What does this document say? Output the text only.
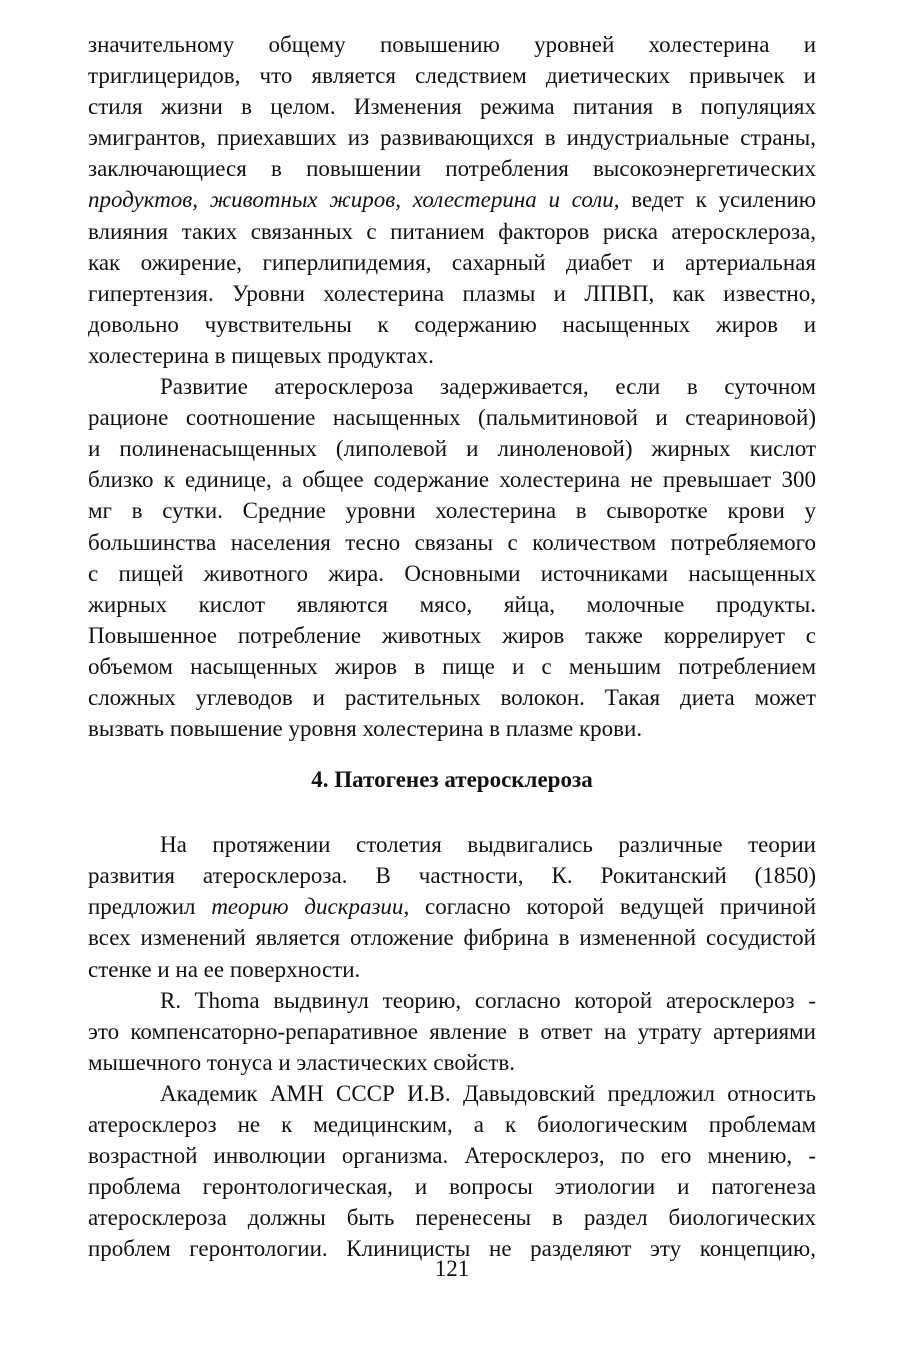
значительному общему повышению уровней холестерина и
триглицеридов, что является следствием диетических привычек и
стиля жизни в целом. Изменения режима питания в популяциях
эмигрантов, приехавших из развивающихся в индустриальные страны,
заключающиеся в повышении потребления высокоэнергетических
продуктов, животных жиров, холестерина и соли, ведет к усилению
влияния таких связанных с питанием факторов риска атеросклероза,
как ожирение, гиперлипидемия, сахарный диабет и артериальная
гипертензия. Уровни холестерина плазмы и ЛПВП, как известно,
довольно чувствительны к содержанию насыщенных жиров и
холестерина в пищевых продуктах.
Развитие атеросклероза задерживается, если в суточном
рационе соотношение насыщенных (пальмитиновой и стеариновой)
и полиненасыщенных (липолевой и линоленовой) жирных кислот
близко к единице, а общее содержание холестерина не превышает 300
мг в сутки. Средние уровни холестерина в сыворотке крови у
большинства населения тесно связаны с количеством потребляемого
с пищей животного жира. Основными источниками насыщенных
жирных кислот являются мясо, яйца, молочные продукты.
Повышенное потребление животных жиров также коррелирует с
объемом насыщенных жиров в пище и с меньшим потреблением
сложных углеводов и растительных волокон. Такая диета может
вызвать повышение уровня холестерина в плазме крови.
4. Патогенез атеросклероза
На протяжении столетия выдвигались различные теории
развития атеросклероза. В частности, К. Рокитанский (1850)
предложил теорию дискразии, согласно которой ведущей причиной
всех изменений является отложение фибрина в измененной сосудистой
стенке и на ее поверхности.
R. Thoma выдвинул теорию, согласно которой атеросклероз -
это компенсаторно-репаративное явление в ответ на утрату артериями
мышечного тонуса и эластических свойств.
Академик АМН СССР И.В. Давыдовский предложил относить
атеросклероз не к медицинским, а к биологическим проблемам
возрастной инволюции организма. Атеросклероз, по его мнению, -
проблема геронтологическая, и вопросы этиологии и патогенеза
атеросклероза должны быть перенесены в раздел биологических
проблем геронтологии. Клиницисты не разделяют эту концепцию,
121
